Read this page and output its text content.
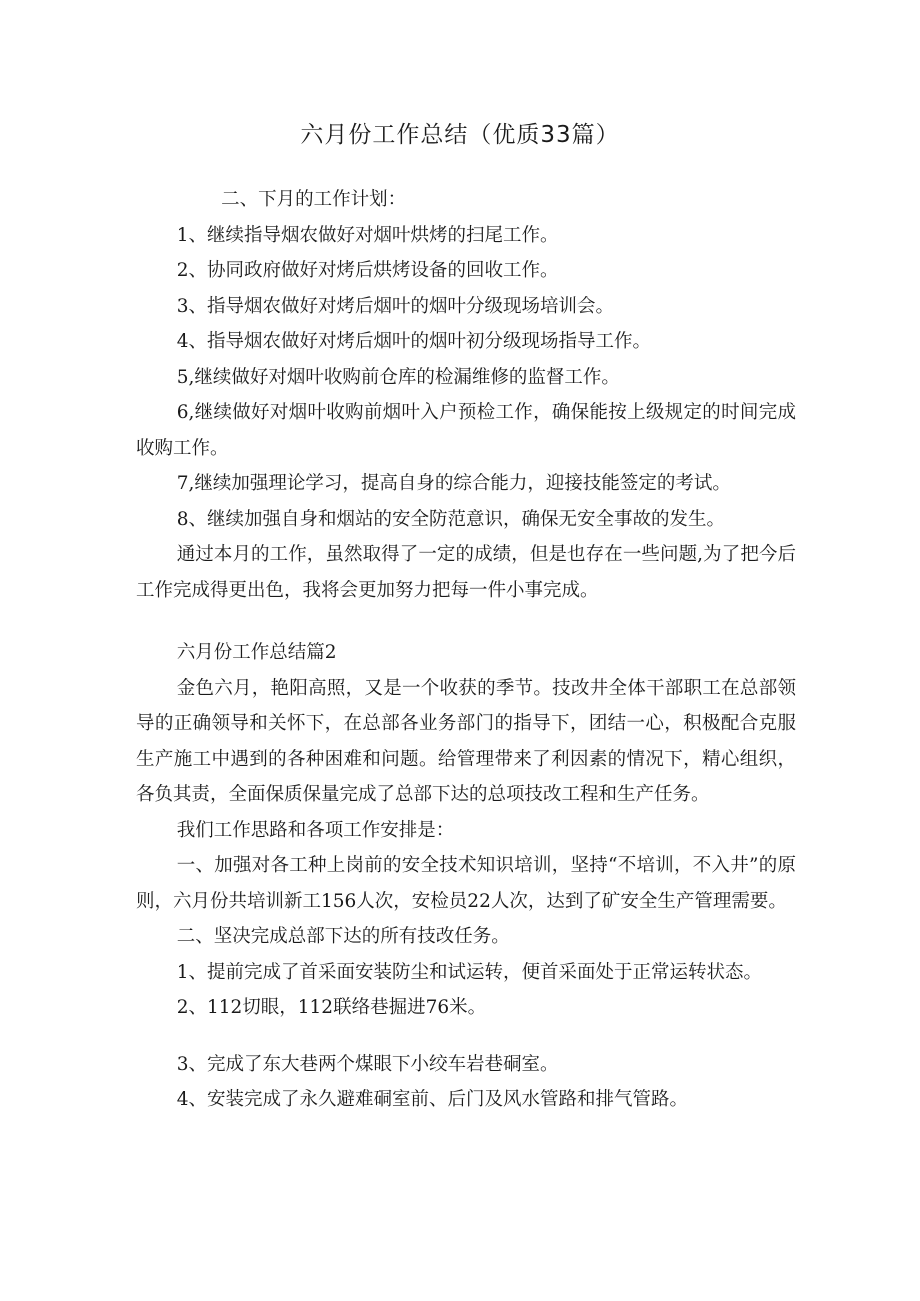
六月份工作总结（优质33篇）

二、下月的工作计划：

1、继续指导烟农做好对烟叶烘烤的扫尾工作。

2、协同政府做好对烤后烘烤设备的回收工作。

3、指导烟农做好对烤后烟叶的烟叶分级现场培训会。

4、指导烟农做好对烤后烟叶的烟叶初分级现场指导工作。

5,继续做好对烟叶收购前仓库的检漏维修的监督工作。

6,继续做好对烟叶收购前烟叶入户预检工作，确保能按上级规定的时间完成收购工作。

7,继续加强理论学习，提高自身的综合能力，迎接技能签定的考试。

8、继续加强自身和烟站的安全防范意识，确保无安全事故的发生。

通过本月的工作，虽然取得了一定的成绩，但是也存在一些问题,为了把今后工作完成得更出色，我将会更加努力把每一件小事完成。

六月份工作总结篇2

金色六月，艳阳高照，又是一个收获的季节。技改井全体干部职工在总部领导的正确领导和关怀下，在总部各业务部门的指导下，团结一心，积极配合克服生产施工中遇到的各种困难和问题。给管理带来了利因素的情况下，精心组织，各负其责，全面保质保量完成了总部下达的总项技改工程和生产任务。

我们工作思路和各项工作安排是：

一、加强对各工种上岗前的安全技术知识培训，坚持“不培训，不入井”的原则，六月份共培训新工156人次，安检员22人次，达到了矿安全生产管理需要。

二、坚决完成总部下达的所有技改任务。

1、提前完成了首采面安装防尘和试运转，便首采面处于正常运转状态。

2、112切眼，112联络巷掘进76米。

3、完成了东大巷两个煤眼下小绞车岩巷硐室。

4、安装完成了永久避难硐室前、后门及风水管路和排气管路。
